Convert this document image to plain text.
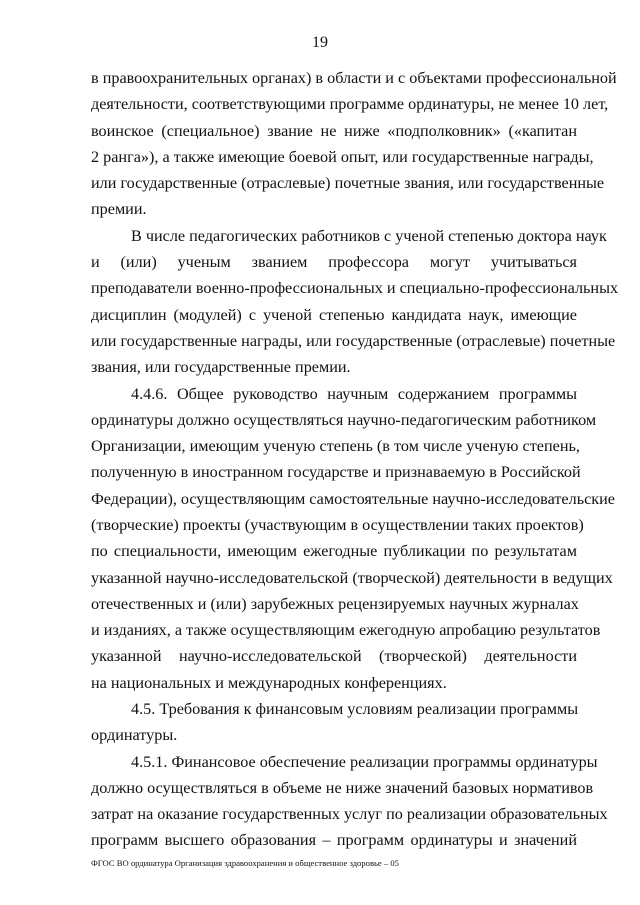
19
в правоохранительных органах) в области и с объектами профессиональной
деятельности, соответствующими программе ординатуры, не менее 10 лет,
воинское (специальное) звание не ниже «подполковник» («капитан
2 ранга»), а также имеющие боевой опыт, или государственные награды,
или государственные (отраслевые) почетные звания, или государственные
премии.
В числе педагогических работников с ученой степенью доктора наук
и (или) ученым званием профессора могут учитываться
преподаватели военно-профессиональных и специально-профессиональных
дисциплин (модулей) с ученой степенью кандидата наук, имеющие
или государственные награды, или государственные (отраслевые) почетные
звания, или государственные премии.
4.4.6. Общее руководство научным содержанием программы
ординатуры должно осуществляться научно-педагогическим работником
Организации, имеющим ученую степень (в том числе ученую степень,
полученную в иностранном государстве и признаваемую в Российской
Федерации), осуществляющим самостоятельные научно-исследовательские
(творческие) проекты (участвующим в осуществлении таких проектов)
по специальности, имеющим ежегодные публикации по результатам
указанной научно-исследовательской (творческой) деятельности в ведущих
отечественных и (или) зарубежных рецензируемых научных журналах
и изданиях, а также осуществляющим ежегодную апробацию результатов
указанной научно-исследовательской (творческой) деятельности
на национальных и международных конференциях.
4.5. Требования к финансовым условиям реализации программы
ординатуры.
4.5.1. Финансовое обеспечение реализации программы ординатуры
должно осуществляться в объеме не ниже значений базовых нормативов
затрат на оказание государственных услуг по реализации образовательных
программ высшего образования – программ ординатуры и значений
ФГОС ВО ординатура Организация здравоохранения и общественное здоровье – 05
